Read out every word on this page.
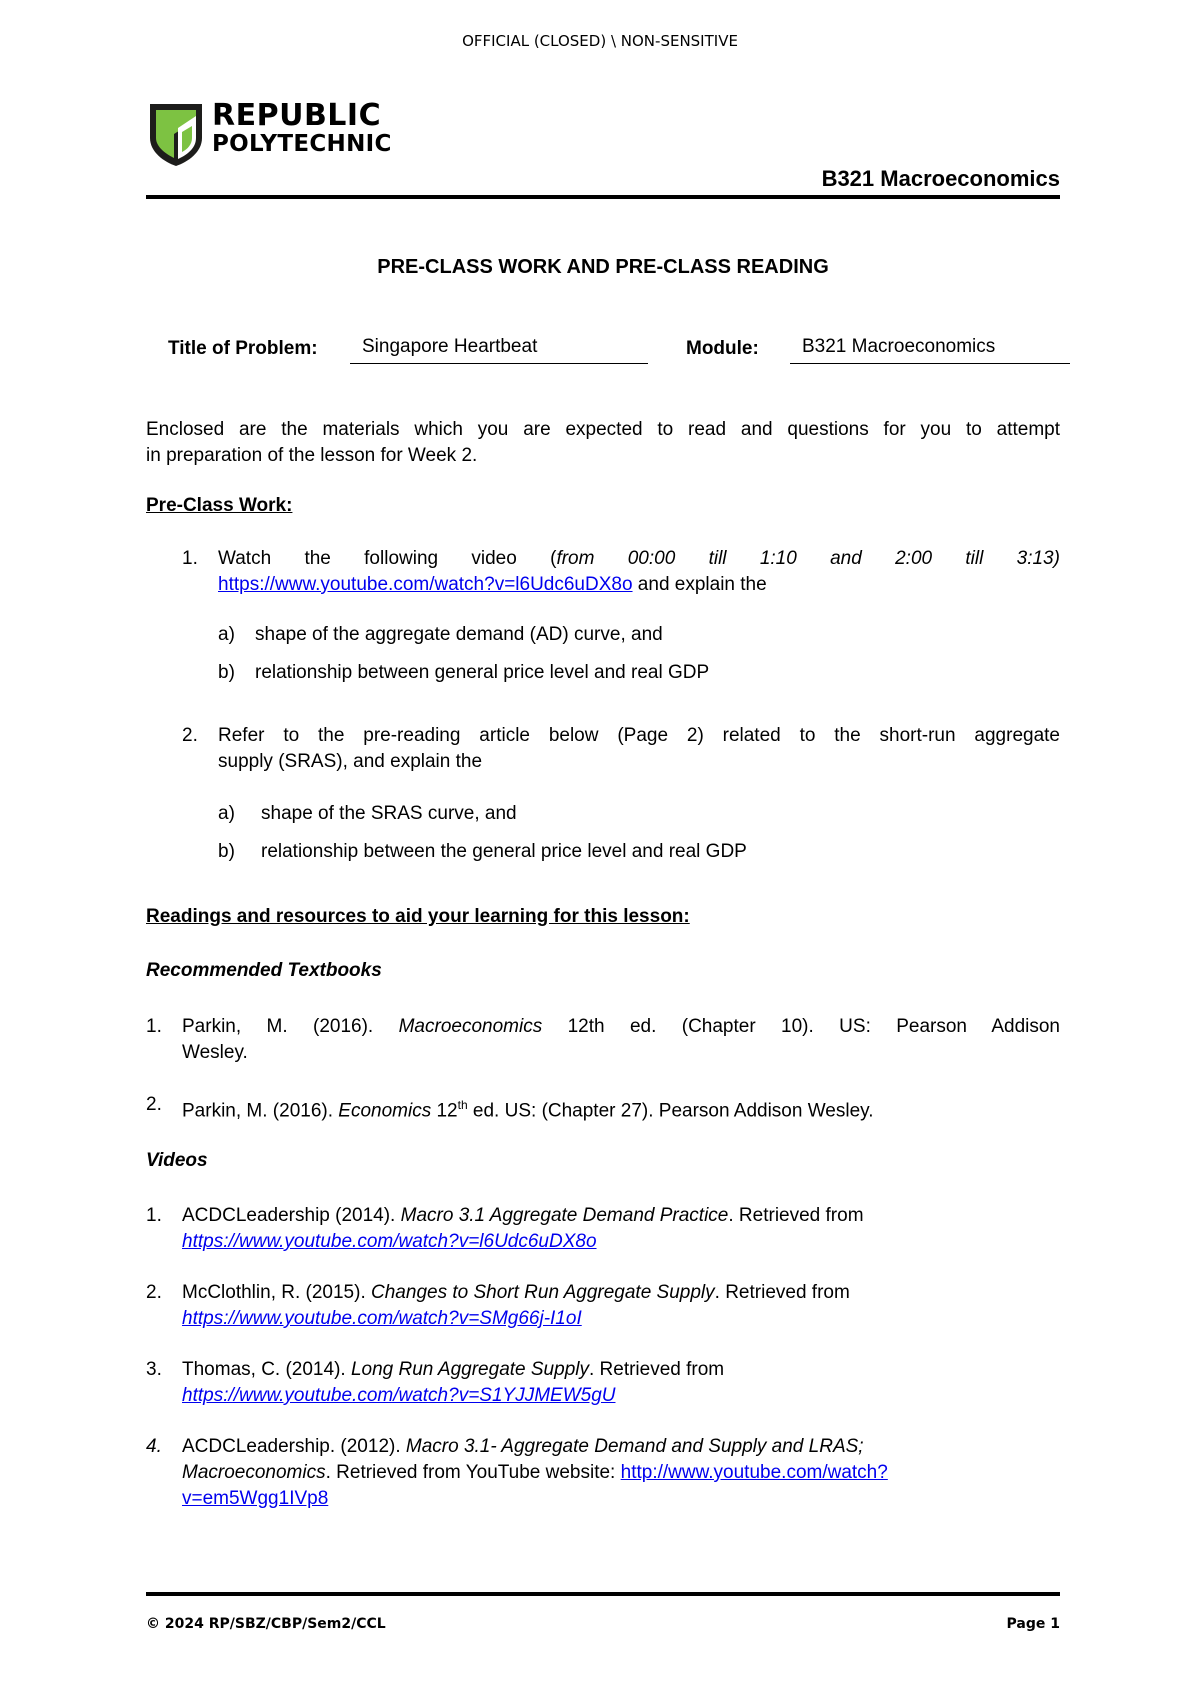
OFFICIAL (CLOSED) \ NON-SENSITIVE
REPUBLIC
POLYTECHNIC
B321 Macroeconomics
PRE-CLASS WORK AND PRE-CLASS READING
Title of Problem:	Singapore Heartbeat	Module:	B321 Macroeconomics
Enclosed are the materials which you are expected to read and questions for you to attempt
in preparation of the lesson for Week 2.
Pre-Class Work:
1. Watch the following video (from 00:00 till 1:10 and 2:00 till 3:13)
https://www.youtube.com/watch?v=l6Udc6uDX8o and explain the
a) shape of the aggregate demand (AD) curve, and
b) relationship between general price level and real GDP
2. Refer to the pre-reading article below (Page 2) related to the short-run aggregate
supply (SRAS), and explain the
a) shape of the SRAS curve, and
b) relationship between the general price level and real GDP
Readings and resources to aid your learning for this lesson:
Recommended Textbooks
1. Parkin, M. (2016). Macroeconomics 12th ed. (Chapter 10). US: Pearson Addison
Wesley.
2. Parkin, M. (2016). Economics 12th ed. US: (Chapter 27). Pearson Addison Wesley.
Videos
1. ACDCLeadership (2014). Macro 3.1 Aggregate Demand Practice. Retrieved from
https://www.youtube.com/watch?v=l6Udc6uDX8o
2. McClothlin, R. (2015). Changes to Short Run Aggregate Supply. Retrieved from
https://www.youtube.com/watch?v=SMg66j-I1oI
3. Thomas, C. (2014). Long Run Aggregate Supply. Retrieved from
https://www.youtube.com/watch?v=S1YJJMEW5gU
4. ACDCLeadership. (2012). Macro 3.1- Aggregate Demand and Supply and LRAS;
Macroeconomics. Retrieved from YouTube website: http://www.youtube.com/watch?
v=em5Wgg1IVp8
© 2024 RP/SBZ/CBP/Sem2/CCL	Page 1
